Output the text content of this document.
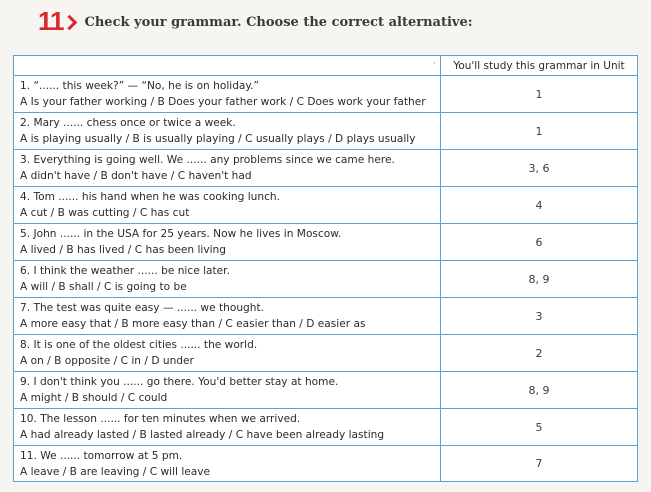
11 Check your grammar. Choose the correct alternative:
·	You'll study this grammar in Unit
1. “...... this week?” — “No, he is on holiday.”
A Is your father working / B Does your father work / C Does work your father
1
2. Mary ...... chess once or twice a week.
A is playing usually / B is usually playing / C usually plays / D plays usually
1
3. Everything is going well. We ...... any problems since we came here.
A didn't have / B don't have / C haven't had
3, 6
4. Tom ...... his hand when he was cooking lunch.
A cut / B was cutting / C has cut
4
5. John ...... in the USA for 25 years. Now he lives in Moscow.
A lived / B has lived / C has been living
6
6. I think the weather ...... be nice later.
A will / B shall / C is going to be
8, 9
7. The test was quite easy — ...... we thought.
A more easy that / B more easy than / C easier than / D easier as
3
8. It is one of the oldest cities ...... the world.
A on / B opposite / C in / D under
2
9. I don't think you ...... go there. You'd better stay at home.
A might / B should / C could
8, 9
10. The lesson ...... for ten minutes when we arrived.
A had already lasted / B lasted already / C have been already lasting
5
11. We ...... tomorrow at 5 pm.
A leave / B are leaving / C will leave
7
